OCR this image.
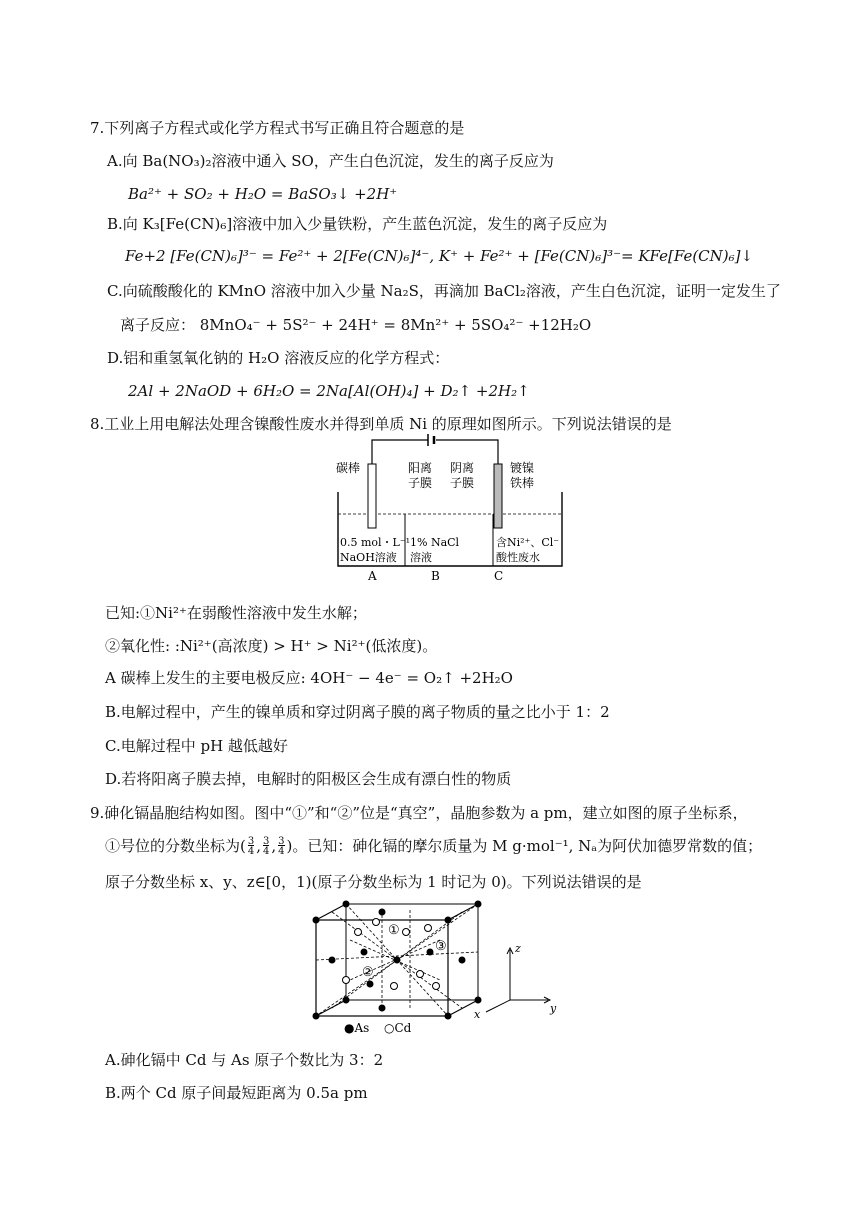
7.下列离子方程式或化学方程式书写正确且符合题意的是
A.向 Ba(NO₃)₂溶液中通入 SO，产生白色沉淀，发生的离子反应为
Ba²⁺ + SO₂ + H₂O = BaSO₃↓ +2H⁺
B.向 K₃[Fe(CN)₆]溶液中加入少量铁粉，产生蓝色沉淀，发生的离子反应为
Fe+2 [Fe(CN)₆]³⁻ = Fe²⁺ + 2[Fe(CN)₆]⁴⁻, K⁺ + Fe²⁺ + [Fe(CN)₆]³⁻= KFe[Fe(CN)₆]↓
C.向硫酸酸化的 KMnO 溶液中加入少量 Na₂S，再滴加 BaCl₂溶液，产生白色沉淀，证明一定发生了
离子反应： 8MnO₄⁻ + 5S²⁻ + 24H⁺ = 8Mn²⁺ + 5SO₄²⁻ +12H₂O
D.铝和重氢氧化钠的 H₂O 溶液反应的化学方程式：
2Al + 2NaOD + 6H₂O = 2Na[Al(OH)₄] + D₂↑ +2H₂↑
8.工业上用电解法处理含镍酸性废水并得到单质 Ni 的原理如图所示。下列说法错误的是
碳棒	阳离
子膜
阴离
子膜
镀镍
铁棒
0.5 mol・L⁻¹
NaOH溶液
1% NaCl
溶液
含Ni²⁺、Cl⁻
酸性废水
A	B	C
已知:①Ni²⁺在弱酸性溶液中发生水解；
②氧化性: :Ni²⁺(高浓度) > H⁺ > Ni²⁺(低浓度)。
A 碳棒上发生的主要电极反应: 4OH⁻ − 4e⁻ = O₂↑ +2H₂O
B.电解过程中，产生的镍单质和穿过阴离子膜的离子物质的量之比小于 1：2
C.电解过程中 pH 越低越好
D.若将阳离子膜去掉，电解时的阳极区会生成有漂白性的物质
9.砷化镉晶胞结构如图。图中“①”和“②”位是“真空”，晶胞参数为 a pm，建立如图的原子坐标系，
①号位的分数坐标为( $\frac{3}{4}$ , $\frac{3}{4}$ , $\frac{3}{4}$ )。已知：砷化镉的摩尔质量为 M g·mol⁻¹, Nₐ为阿伏加德罗常数的值；
原子分数坐标 x、y、z∈[0，1)(原子分数坐标为 1 时记为 0)。下列说法错误的是
①
②
③
●As ○Cd
z
y
x
A.砷化镉中 Cd 与 As 原子个数比为 3：2
B.两个 Cd 原子间最短距离为 0.5a pm
